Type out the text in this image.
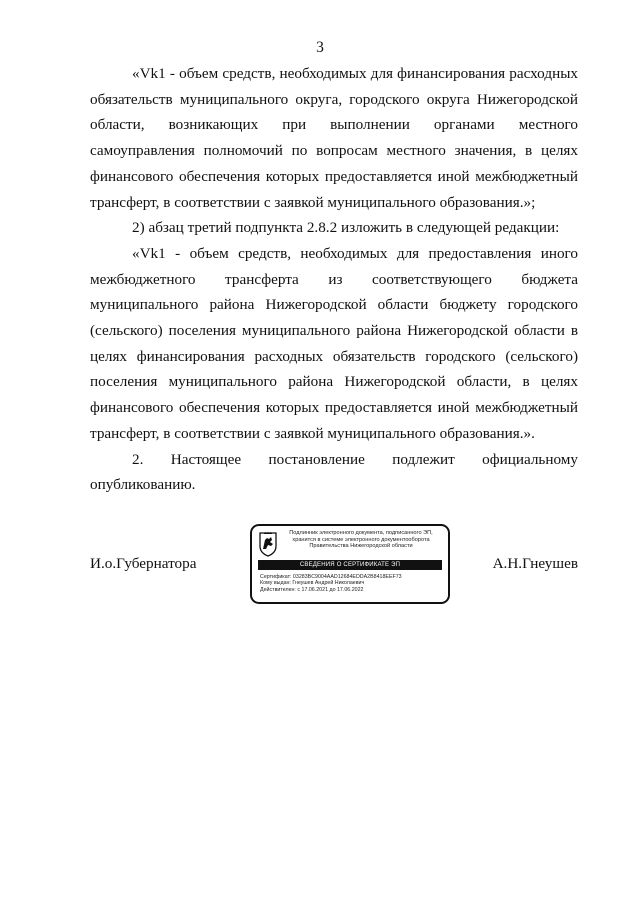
3

«Vk1 - объем средств, необходимых для финансирования расходных обязательств муниципального округа, городского округа Нижегородской области, возникающих при выполнении органами местного самоуправления полномочий по вопросам местного значения, в целях финансового обеспечения которых предоставляется иной межбюджетный трансферт, в соответствии с заявкой муниципального образования.»;

2) абзац третий подпункта 2.8.2 изложить в следующей редакции:

«Vk1 - объем средств, необходимых для предоставления иного межбюджетного трансферта из соответствующего бюджета муниципального района Нижегородской области бюджету городского (сельского) поселения муниципального района Нижегородской области в целях финансирования расходных обязательств городского (сельского) поселения муниципального района Нижегородской области, в целях финансового обеспечения которых предоставляется иной межбюджетный трансферт, в соответствии с заявкой муниципального образования.».

2. Настоящее постановление подлежит официальному опубликованию.

И.о.Губернатора
Подлинник электронного документа, подписанного ЭП,
хранится в системе электронного документооборота
Правительства Нижегородской области
СВЕДЕНИЯ О СЕРТИФИКАТЕ ЭП
Сертификат: 03283BC9004AAD12684EDDA2B8418EEF73
Кому выдан: Гнеушев Андрей Николаевич
Действителен: с 17.06.2021 до 17.06.2022
А.Н.Гнеушев
